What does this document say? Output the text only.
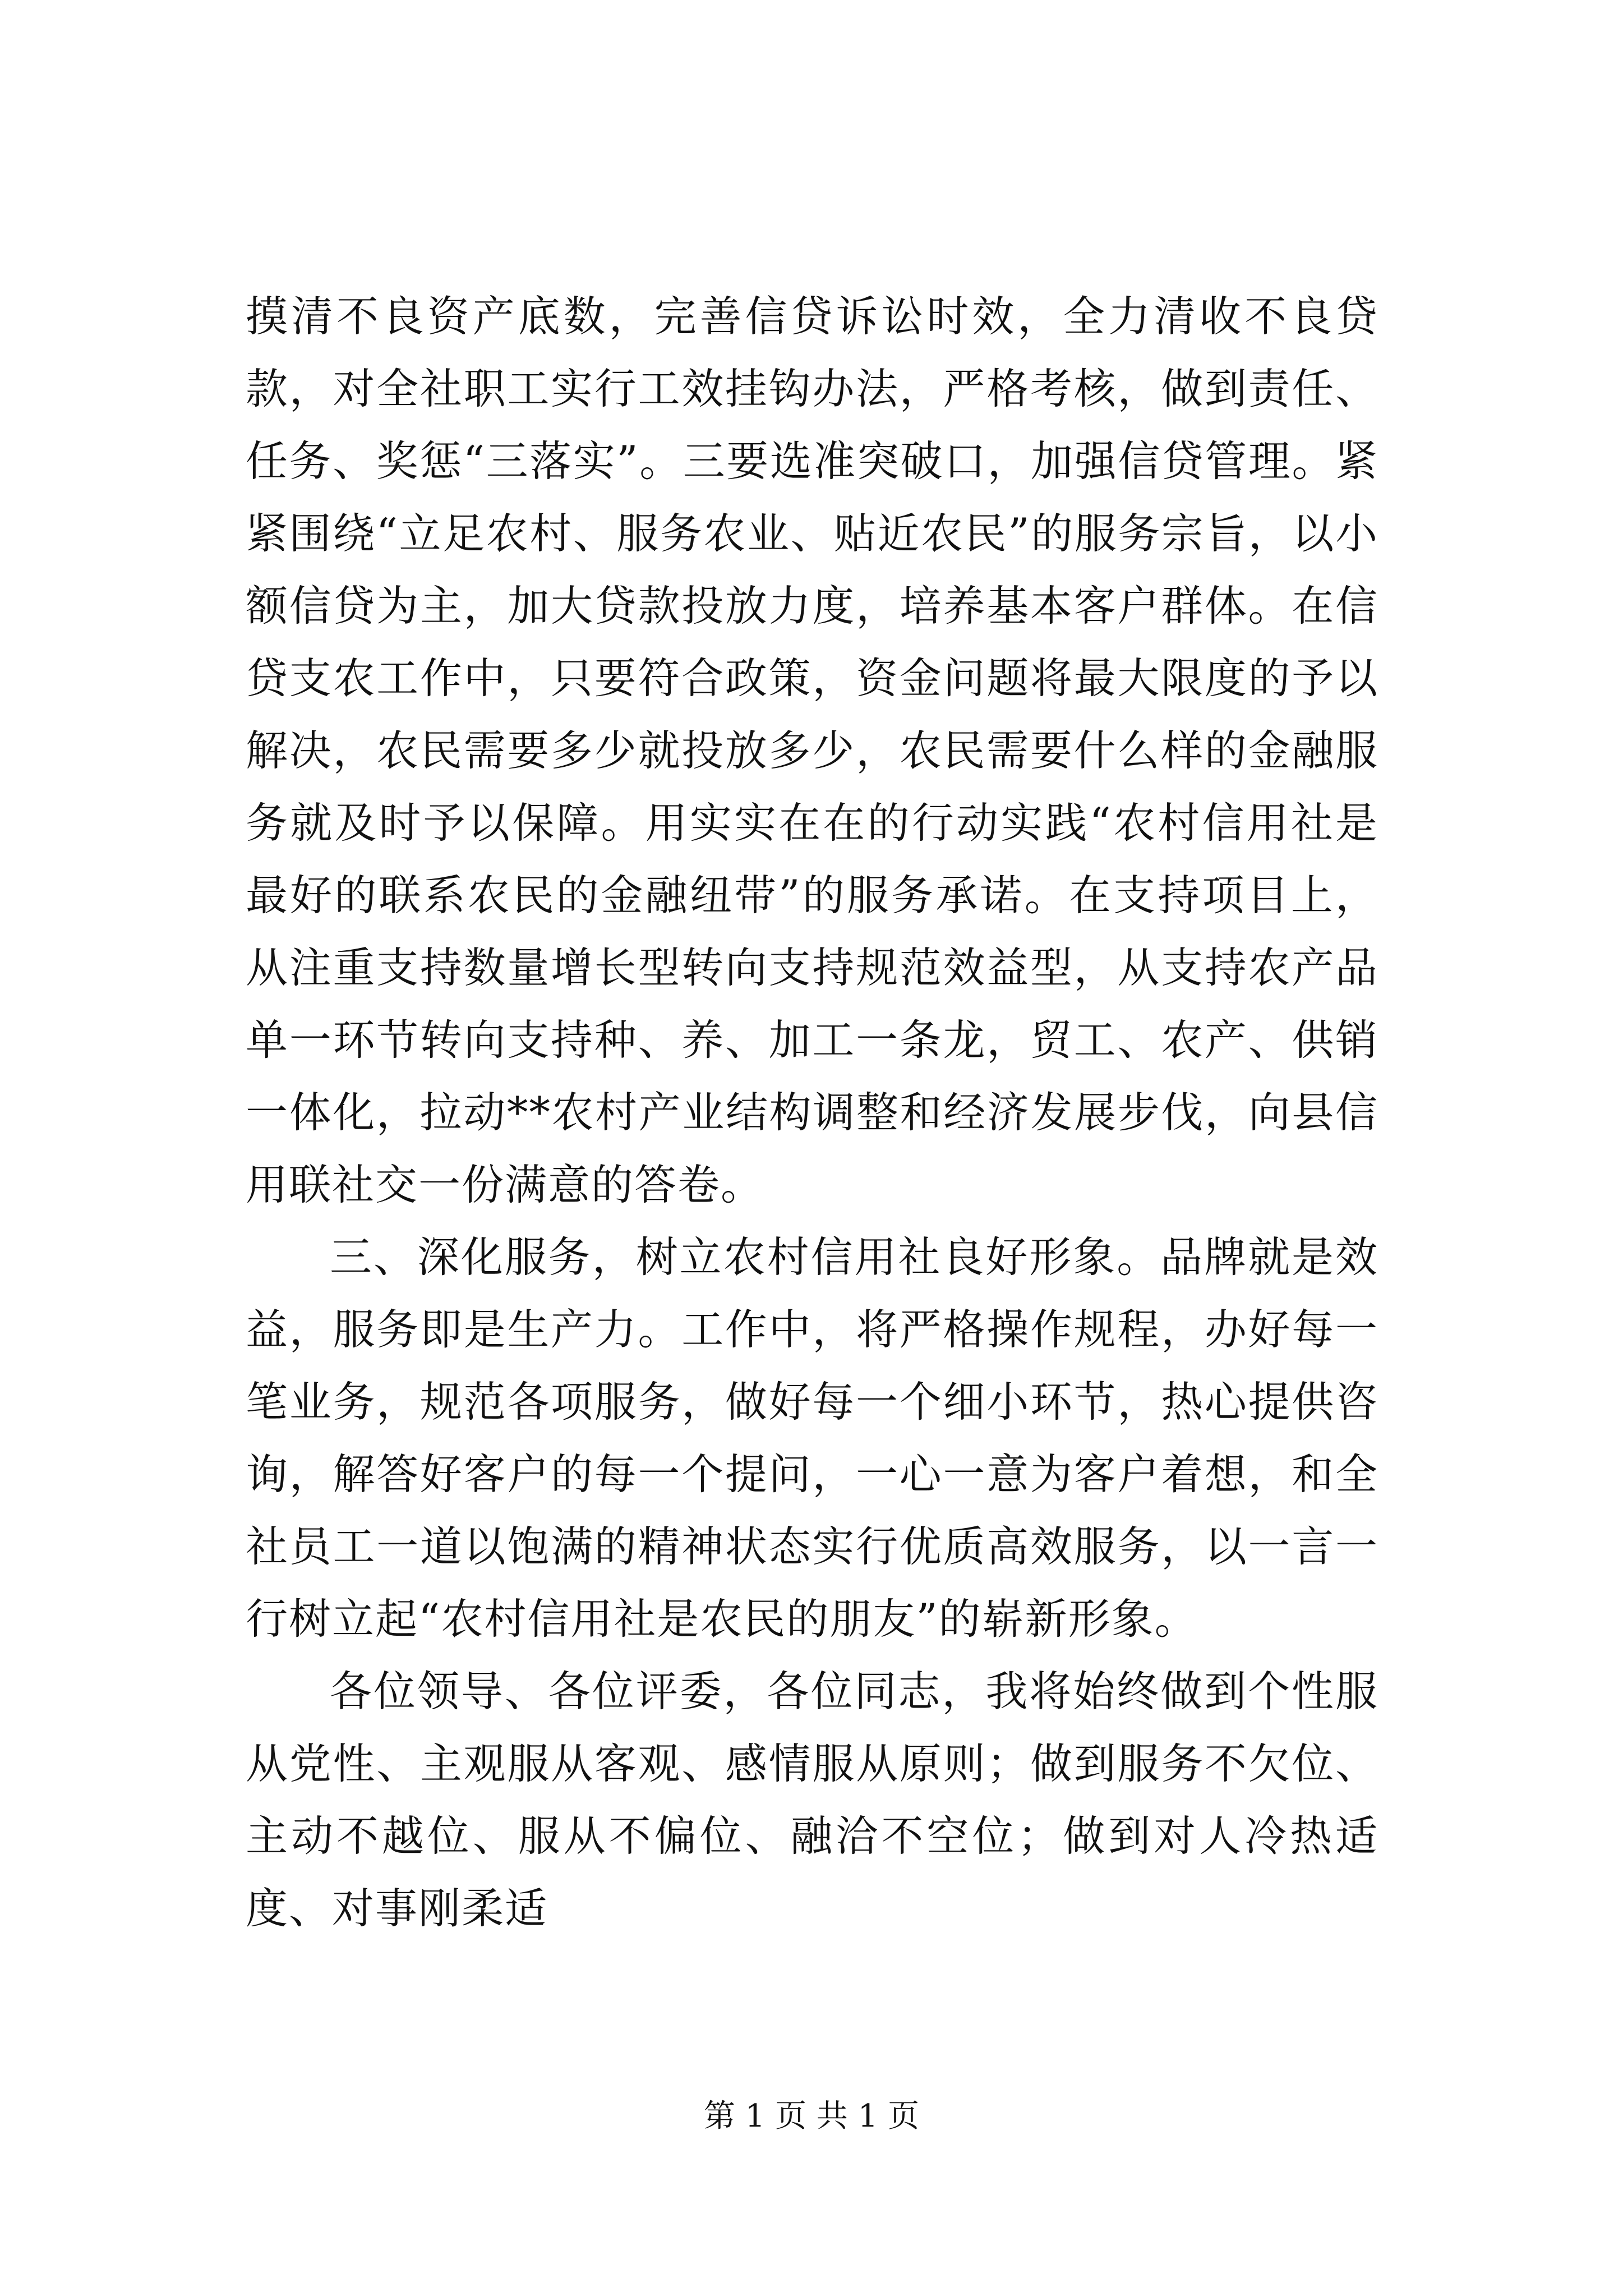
摸清不良资产底数，完善信贷诉讼时效，全力清收不良贷款，对全社职工实行工效挂钩办法，严格考核，做到责任、任务、奖惩“三落实”。三要选准突破口，加强信贷管理。紧紧围绕“立足农村、服务农业、贴近农民”的服务宗旨，以小额信贷为主，加大贷款投放力度，培养基本客户群体。在信贷支农工作中，只要符合政策，资金问题将最大限度的予以解决，农民需要多少就投放多少，农民需要什么样的金融服务就及时予以保障。用实实在在的行动实践“农村信用社是最好的联系农民的金融纽带”的服务承诺。在支持项目上，从注重支持数量增长型转向支持规范效益型，从支持农产品单一环节转向支持种、养、加工一条龙，贸工、农产、供销一体化，拉动**农村产业结构调整和经济发展步伐，向县信用联社交一份满意的答卷。

三、深化服务，树立农村信用社良好形象。品牌就是效益，服务即是生产力。工作中，将严格操作规程，办好每一笔业务，规范各项服务，做好每一个细小环节，热心提供咨询，解答好客户的每一个提问，一心一意为客户着想，和全社员工一道以饱满的精神状态实行优质高效服务，以一言一行树立起“农村信用社是农民的朋友”的崭新形象。

各位领导、各位评委，各位同志，我将始终做到个性服从党性、主观服从客观、感情服从原则；做到服务不欠位、主动不越位、服从不偏位、融洽不空位；做到对人冷热适度、对事刚柔适

第 1 页 共 1 页
